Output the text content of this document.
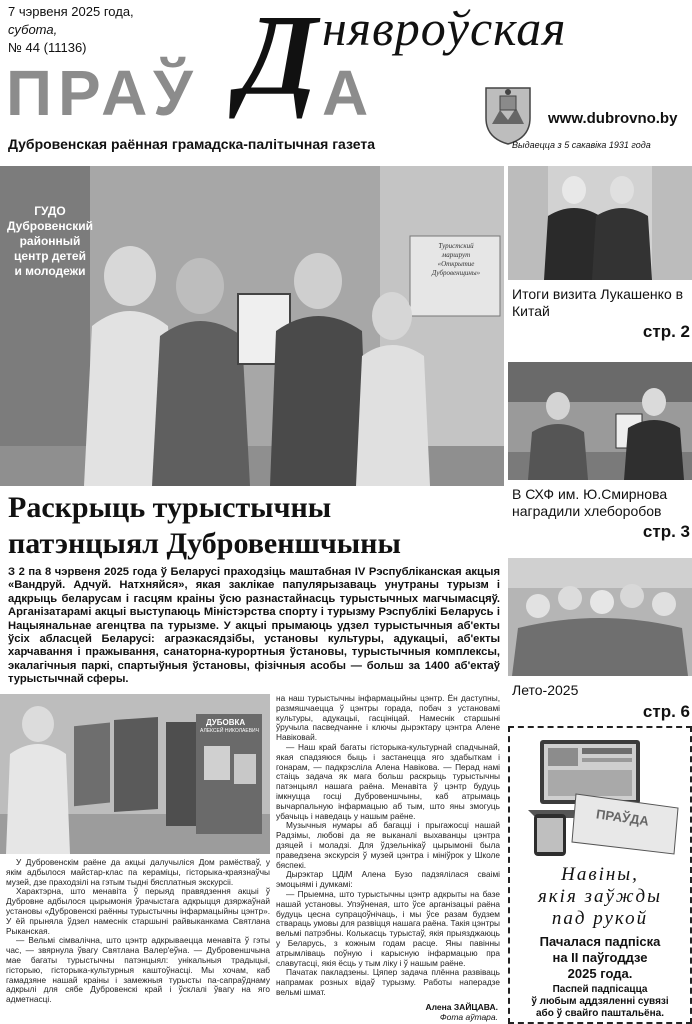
7 чэрвеня 2025 года,
субота,
№ 44 (11136)	нявроўская
Д
ПРАЎ А	www.dubrovno.by
Дубровенская раённая грамадска-палітычная газета	Выдаецца з 5 сакавіка 1931 года
ГУДО
Дубровенский
районный
центр детей
и молодежи
Туристский
маршрут
«Открытие
Дубровенщины»
Раскрыць турыстычны
патэнцыял Дубровеншчыны
З 2 па 8 чэрвеня 2025 года ў Беларусі праходзіць маштабная IV Рэспубліканская акцыя «Вандруй. Адчуй. Натхняйся», якая заклікае папулярызаваць унутраны турызм і адкрыць беларусам і гасцям краіны ўсю разнастайнасць турыстычных магчымасцяў. Арганізатарамі акцыі выступаюць Міністэрства спорту і турызму Рэспублікі Беларусь і Нацыянальнае агенцтва па турызме. У акцыі прымаюць удзел турыстычныя аб'екты ўсіх абласцей Беларусі: аграэкасядзібы, установы культуры, адукацыі, аб'екты харчавання і пражывання, санаторна-курортныя ўстановы, турыстычныя комплексы, экалагічныя паркі, спартыўныя ўстановы, фізічныя асобы — больш за 1400 аб'ектаў турыстычнай сферы.
ДУБОВКА
АЛЕКСЕЙ НИКОЛАЕВИЧ

У Дубровенскім раёне да акцыі далучыліся Дом рамёстваў, у якім адбылося майстар-клас па кераміцы, гісторыка-краязнаўчы музей, дзе праходзілі на гэтым тыдні бясплатныя экскурсіі.

Характэрна, што менавіта ў перыяд правядзення акцыі ў Дубровне адбылося цырымонія ўрачыстага адкрыцця дзяржаўнай установы «Дубровенскі раённы турыстычны інфармацыйны цэнтр». У ёй прыняла ўдзел намеснік старшыні райвыканкама Святлана Рыканская.

— Вельмі сімвалічна, што цэнтр адкрываецца менавіта ў гэты час, — звярнула ўвагу Святлана Валер'еўна. — Дубровеншчына мае багаты турыстычны патэнцыял: унікальныя традыцыі, гісторыю, гісторыка-культурныя каштоўнасці. Мы хочам, каб гамадзяне нашай краіны і замежныя турысты па-сапраўднаму адкрылі для сябе Дубровенскі край і ўсклалі ўвагу на яго адметнасці.

на наш турыстычны інфармацыйны цэнтр. Ён даступны, размяшчаецца ў цэнтры горада, побач з установамі культуры, адукацыі, гасцініцай. Намеснік старшыні ўручыла пасведчанне і ключы дырэктару цэнтра Алене Навіковай.

— Наш край багаты гісторыка-культурнай спадчынай, якая спадзяюся быць і застанецца яго здабыткам і гонарам, — падкрэсліла Алена Навікова. — Перад намі стаіць задача як мага больш раскрыць турыстычны патэнцыял нашага раёна. Менавіта ў цэнтр будуць імкнуцца госці Дубровеншчыны, каб атрымаць вычарпальную інфармацыю аб тым, што яны змогуць убачыць і наведаць у нашым раёне.

Музычныя нумары аб багацці і прыгажосці нашай Радзімы, любові да яе выканалі выхаванцы цэнтра дзяцей і моладзі. Для ўдзельнікаў цырымоніі была праведзена экскурсія ў музей цэнтра і мініўрок у Школе бяспекі.

Дырэктар ЦДіМ Алена Бузо падзялілася сваімі эмоцыямі і думкамі:

— Прыемна, што турыстычны цэнтр адкрыты на базе нашай установы. Упэўненая, што ўсе арганізацыі раёна будуць цесна супрацоўнічаць, і мы ўсе разам будзем ствараць умовы для развіцця нашага раёна. Такія цэнтры вельмі патрэбны. Колькасць турыстаў, якія прыязджаюць у Беларусь, з кожным годам расце. Яны павінны атрымліваць поўную і карысную інфармацыю пра славутасці, якія ёсць у тым ліку і ў нашым раёне.

Пачатак пакладзены. Цяпер задача плённа развіваць напрамак розных відаў турызму. Работы наперадзе вельмі шмат.

Алена ЗАЙЦАВА.
Фота аўтара.
Итоги визита Лукашенко в Китай
стр. 2
В СХФ им. Ю.Смирнова наградили хлеборобов
стр. 3
Лето-2025
стр. 6
ПРАЎДА
Навіны,
якія заўжды
пад рукой
Пачалася падпіска
на II паўгоддзе
2025 года.
Паспей падпісацца
ў любым аддзяленні сувязі
або ў свайго паштальёна.
